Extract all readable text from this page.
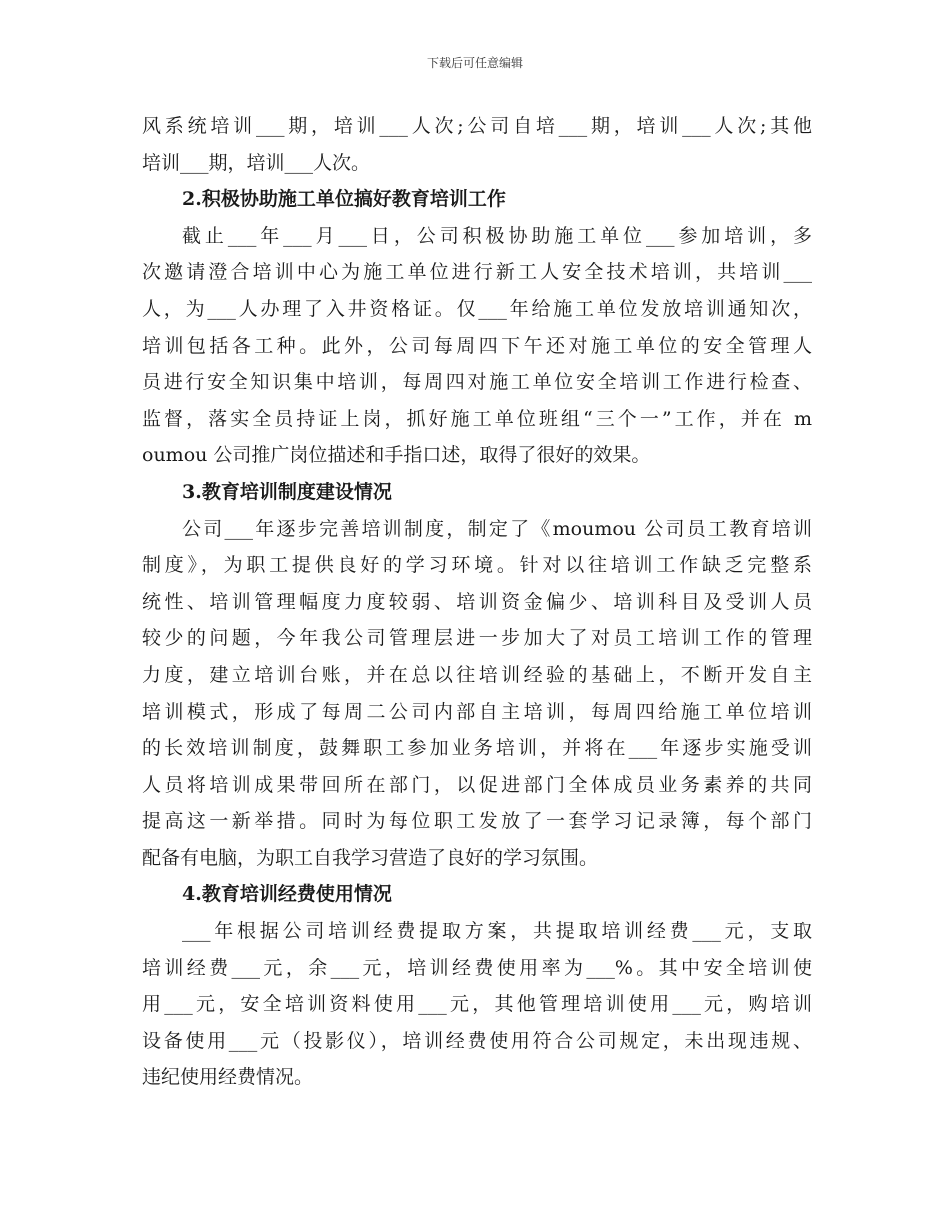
下载后可任意编辑
风系统培训___期，培训___人次;公司自培___期，培训___人次;其他
培训___期，培训___人次。
2.积极协助施工单位搞好教育培训工作
截止___年___月___日，公司积极协助施工单位___参加培训，多
次邀请澄合培训中心为施工单位进行新工人安全技术培训，共培训___
人，为___人办理了入井资格证。仅___年给施工单位发放培训通知次，
培训包括各工种。此外，公司每周四下午还对施工单位的安全管理人
员进行安全知识集中培训，每周四对施工单位安全培训工作进行检查、
监督，落实全员持证上岗，抓好施工单位班组“三个一”工作，并在 m
oumou 公司推广岗位描述和手指口述，取得了很好的效果。
3.教育培训制度建设情况
公司___年逐步完善培训制度，制定了《moumou 公司员工教育培训
制度》，为职工提供良好的学习环境。针对以往培训工作缺乏完整系
统性、培训管理幅度力度较弱、培训资金偏少、培训科目及受训人员
较少的问题，今年我公司管理层进一步加大了对员工培训工作的管理
力度，建立培训台账，并在总以往培训经验的基础上，不断开发自主
培训模式，形成了每周二公司内部自主培训，每周四给施工单位培训
的长效培训制度，鼓舞职工参加业务培训，并将在___年逐步实施受训
人员将培训成果带回所在部门，以促进部门全体成员业务素养的共同
提高这一新举措。同时为每位职工发放了一套学习记录簿，每个部门
配备有电脑，为职工自我学习营造了良好的学习氛围。
4.教育培训经费使用情况
___年根据公司培训经费提取方案，共提取培训经费___元，支取
培训经费___元，余___元，培训经费使用率为___%。其中安全培训使
用___元，安全培训资料使用___元，其他管理培训使用___元，购培训
设备使用___元（投影仪），培训经费使用符合公司规定，未出现违规、
违纪使用经费情况。
